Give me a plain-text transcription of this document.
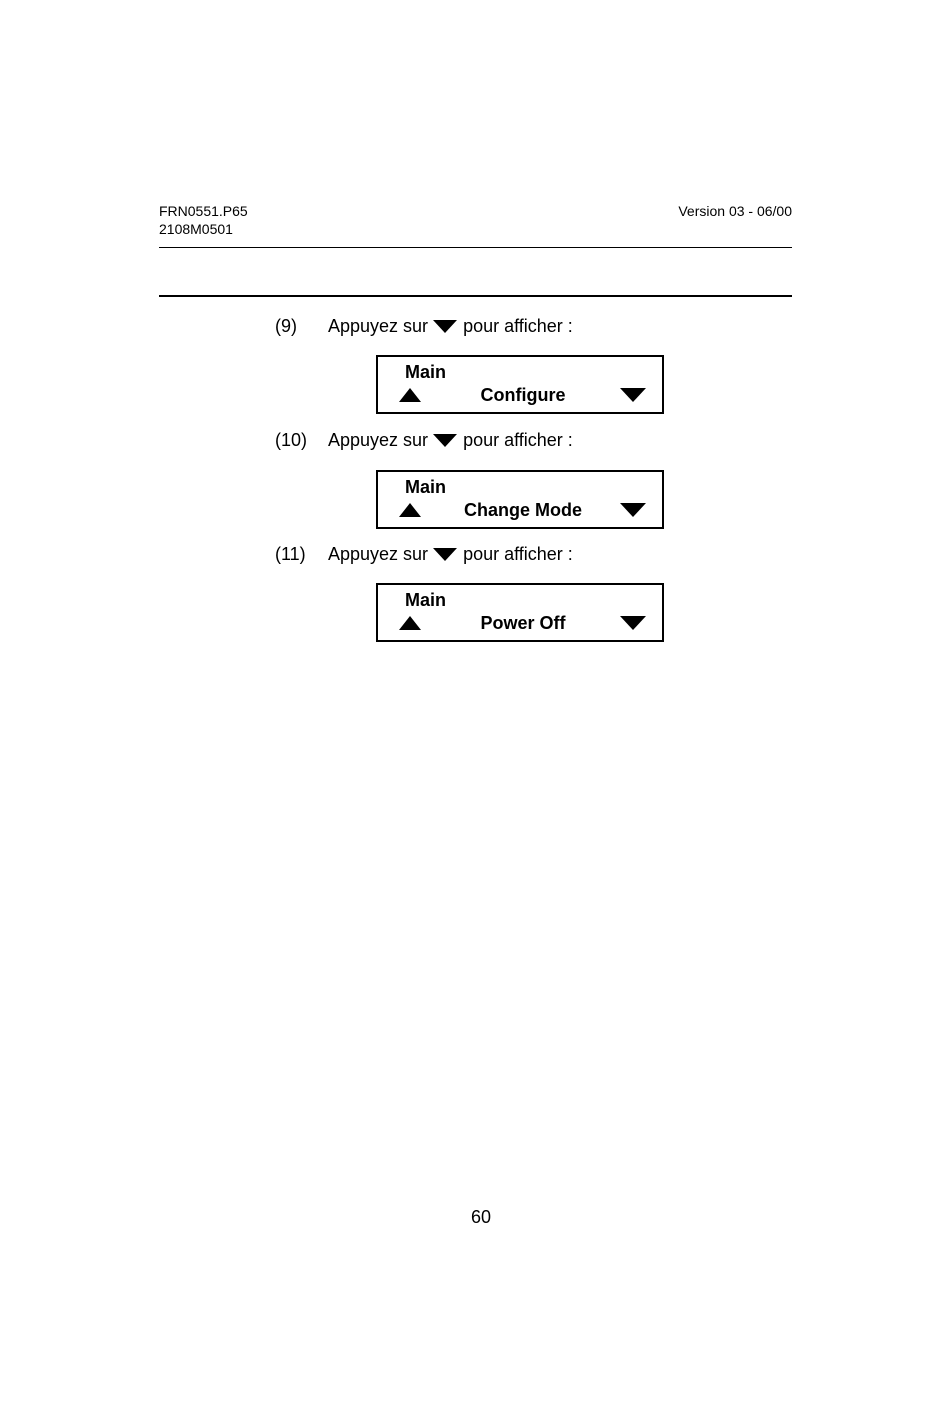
FRN0551.P65
2108M0501
Version 03 - 06/00
(9) Appuyez sur pour afficher :
Main
Configure
(10) Appuyez sur pour afficher :
Main
Change Mode
(11) Appuyez sur pour afficher :
Main
Power Off
60
